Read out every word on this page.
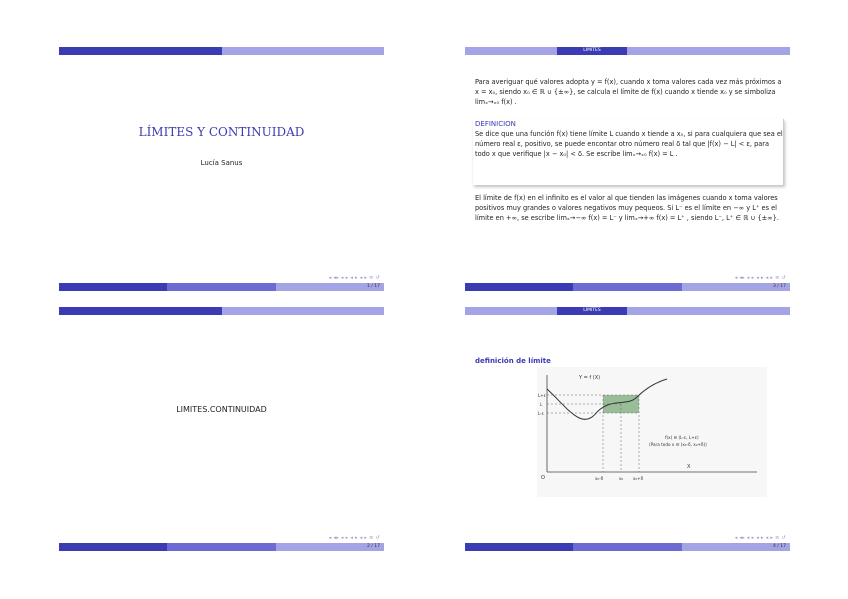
LÍMITES Y CONTINUIDAD
Lucía Sanus
◂ ◂▸ ◂ ▸ ◂ ▸ ◂ ▸ ≡ ↺
1 / 17
LIMITES
Para averiguar qué valores adopta y = f(x), cuando x toma valores cada vez más próximos a x = x₀, siendo x₀ ∈ ℝ ∪ {±∞}, se calcula el límite de f(x) cuando x tiende x₀ y se simboliza limₓ→ₓ₀ f(x) .
DEFINICION
Se dice que una función f(x) tiene límite L cuando x tiende a x₀, si para cualquiera que sea el número real ε, positivo, se puede encontar otro número real δ tal que |f(x) − L| < ε, para todo x que verifique |x − x₀| < δ. Se escribe limₓ→ₓ₀ f(x) = L .
El límite de f(x) en el infinito es el valor al que tienden las imágenes cuando x toma valores positivos muy grandes o valores negativos muy pequeos. Si L⁻ es el límite en −∞ y L⁺ es el límite en +∞, se escribe limₓ→−∞ f(x) = L⁻ y limₓ→+∞ f(x) = L⁺ , siendo L⁻, L⁺ ∈ ℝ ∪ {±∞}.
◂ ◂▸ ◂ ▸ ◂ ▸ ◂ ▸ ≡ ↺
3 / 17
LIMITES.CONTINUIDAD
◂ ◂▸ ◂ ▸ ◂ ▸ ◂ ▸ ≡ ↺
2 / 17
LIMITES
definición de límite
Y = f (X)
L+ε
L
L-ε
f(x) ∈ (L-ε, L+ε)
(Para todo x ∈ (x₀-δ, x₀+δ))
x₀-δ	x₀ x₀+δ
X
O
◂ ◂▸ ◂ ▸ ◂ ▸ ◂ ▸ ≡ ↺
4 / 17
